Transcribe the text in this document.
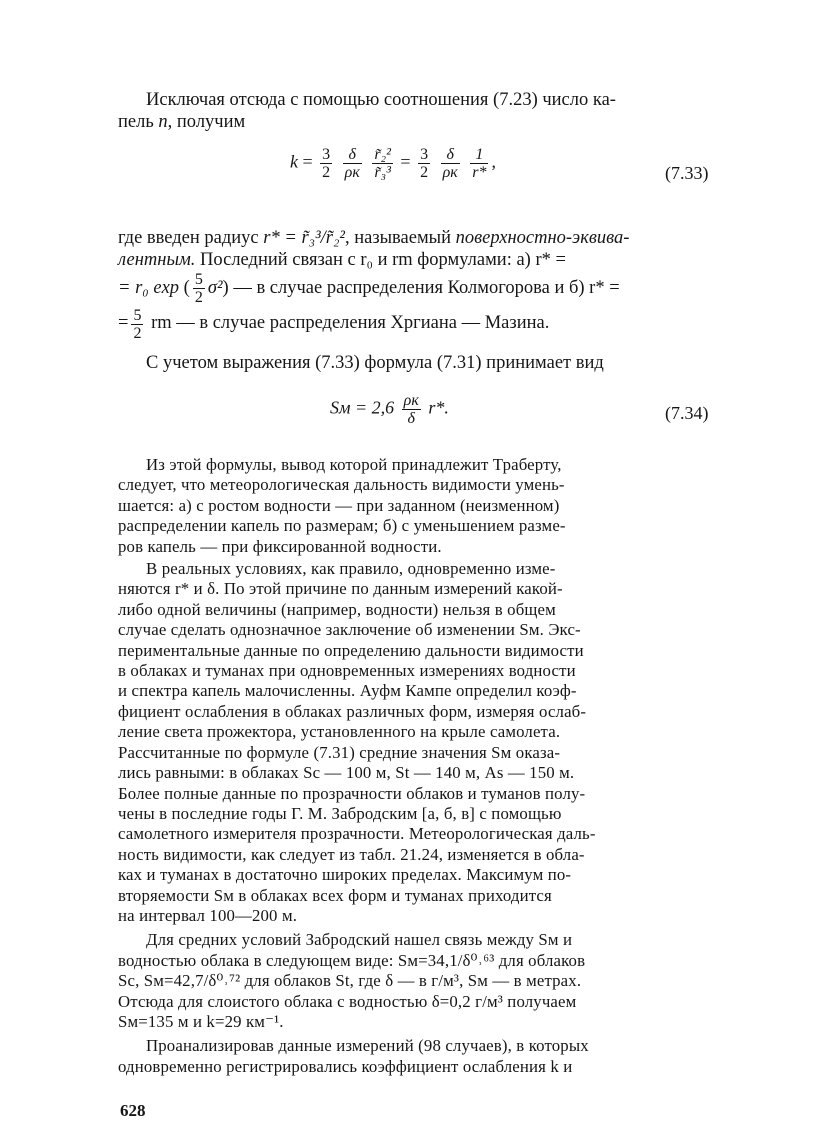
Исключая отсюда с помощью соотношения (7.23) число ка-
пель n, получим
$k = \frac{3}{2}$
$\frac{\delta}{\rho к}$
$\frac{\text{r̃₂²}}{\text{r̃₃³}} = \frac{3}{2}$
$\frac{\delta}{\rho к}$
$\frac{1}{r*}$ ,
(7.33)
где введен радиус r* = r̃₃³/r̃₂², называемый поверхностно-эквива-
лентным. Последний связан с r₀ и rm формулами: а) r* =
= r₀ exp ( $\frac{5}{2} \sigma^2$) — в случае распределения Колмогорова и б) r* =
= $\frac{5}{2}$ rm — в случае распределения Хргиана — Мазина.
С учетом выражения (7.33) формула (7.31) принимает вид
Sм = $2,6 \frac{\rho к}{\delta} r*$.	(7.34)
Из этой формулы, вывод которой принадлежит Траберту,
следует, что метеорологическая дальность видимости умень-
шается: а) с ростом водности — при заданном (неизменном)
распределении капель по размерам; б) с уменьшением разме-
ров капель — при фиксированной водности.
В реальных условиях, как правило, одновременно изме-
няются r* и δ. По этой причине по данным измерений какой-
либо одной величины (например, водности) нельзя в общем
случае сделать однозначное заключение об изменении Sм. Экс-
периментальные данные по определению дальности видимости
в облаках и туманах при одновременных измерениях водности
и спектра капель малочисленны. Ауфм Кампе определил коэф-
фициент ослабления в облаках различных форм, измеряя ослаб-
ление света прожектора, установленного на крыле самолета.
Рассчитанные по формуле (7.31) средние значения Sм оказа-
лись равными: в облаках Sc — 100 м, St — 140 м, As — 150 м.
Более полные данные по прозрачности облаков и туманов полу-
чены в последние годы Г. М. Забродским [а, б, в] с помощью
самолетного измерителя прозрачности. Метеорологическая даль-
ность видимости, как следует из табл. 21.24, изменяется в обла-
ках и туманах в достаточно широких пределах. Максимум по-
вторяемости Sм в облаках всех форм и туманах приходится
на интервал 100—200 м.
Для средних условий Забродский нашел связь между Sм и
водностью облака в следующем виде: Sм=34,1/δ⁰˒⁶³ для облаков
Sc, Sм=42,7/δ⁰˒⁷² для облаков St, где δ — в г/м³, Sм — в метрах.
Отсюда для слоистого облака с водностью δ=0,2 г/м³ получаем
Sм=135 м и k=29 км⁻¹.
Проанализировав данные измерений (98 случаев), в которых
одновременно регистрировались коэффициент ослабления k и
628
